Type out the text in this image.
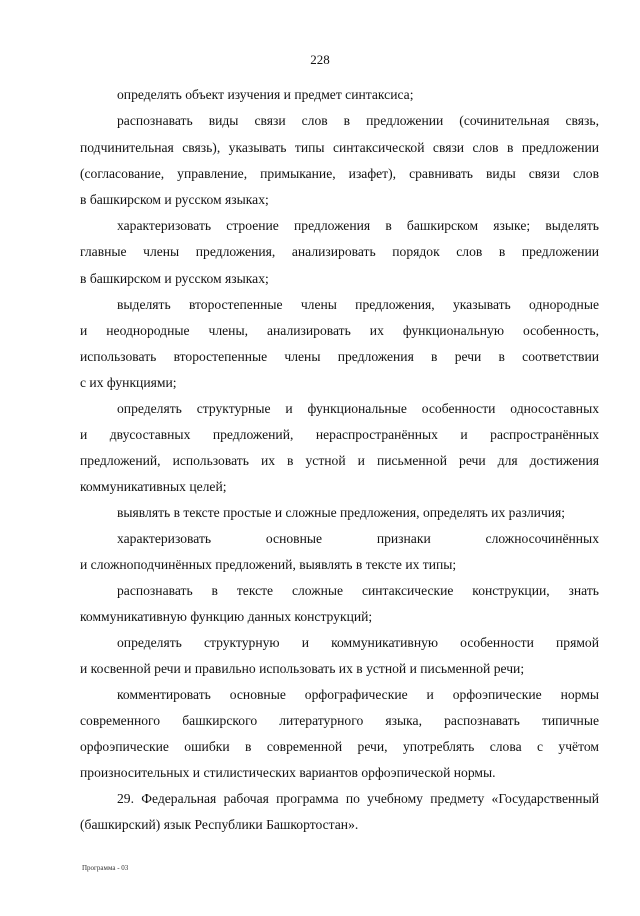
228
определять объект изучения и предмет синтаксиса;
распознавать виды связи слов в предложении (сочинительная связь,
подчинительная связь), указывать типы синтаксической связи слов в предложении
(согласование, управление, примыкание, изафет), сравнивать виды связи слов
в башкирском и русском языках;
характеризовать строение предложения в башкирском языке; выделять
главные члены предложения, анализировать порядок слов в предложении
в башкирском и русском языках;
выделять второстепенные члены предложения, указывать однородные
и неоднородные члены, анализировать их функциональную особенность,
использовать второстепенные члены предложения в речи в соответствии
с их функциями;
определять структурные и функциональные особенности односоставных
и двусоставных предложений, нераспространённых и распространённых
предложений, использовать их в устной и письменной речи для достижения
коммуникативных целей;
выявлять в тексте простые и сложные предложения, определять их различия;
характеризовать основные признаки сложносочинённых
и сложноподчинённых предложений, выявлять в тексте их типы;
распознавать в тексте сложные синтаксические конструкции, знать
коммуникативную функцию данных конструкций;
определять структурную и коммуникативную особенности прямой
и косвенной речи и правильно использовать их в устной и письменной речи;
комментировать основные орфографические и орфоэпические нормы
современного башкирского литературного языка, распознавать типичные
орфоэпические ошибки в современной речи, употреблять слова с учётом
произносительных и стилистических вариантов орфоэпической нормы.
29. Федеральная рабочая программа по учебному предмету «Государственный
(башкирский) язык Республики Башкортостан».
Программа - 03
